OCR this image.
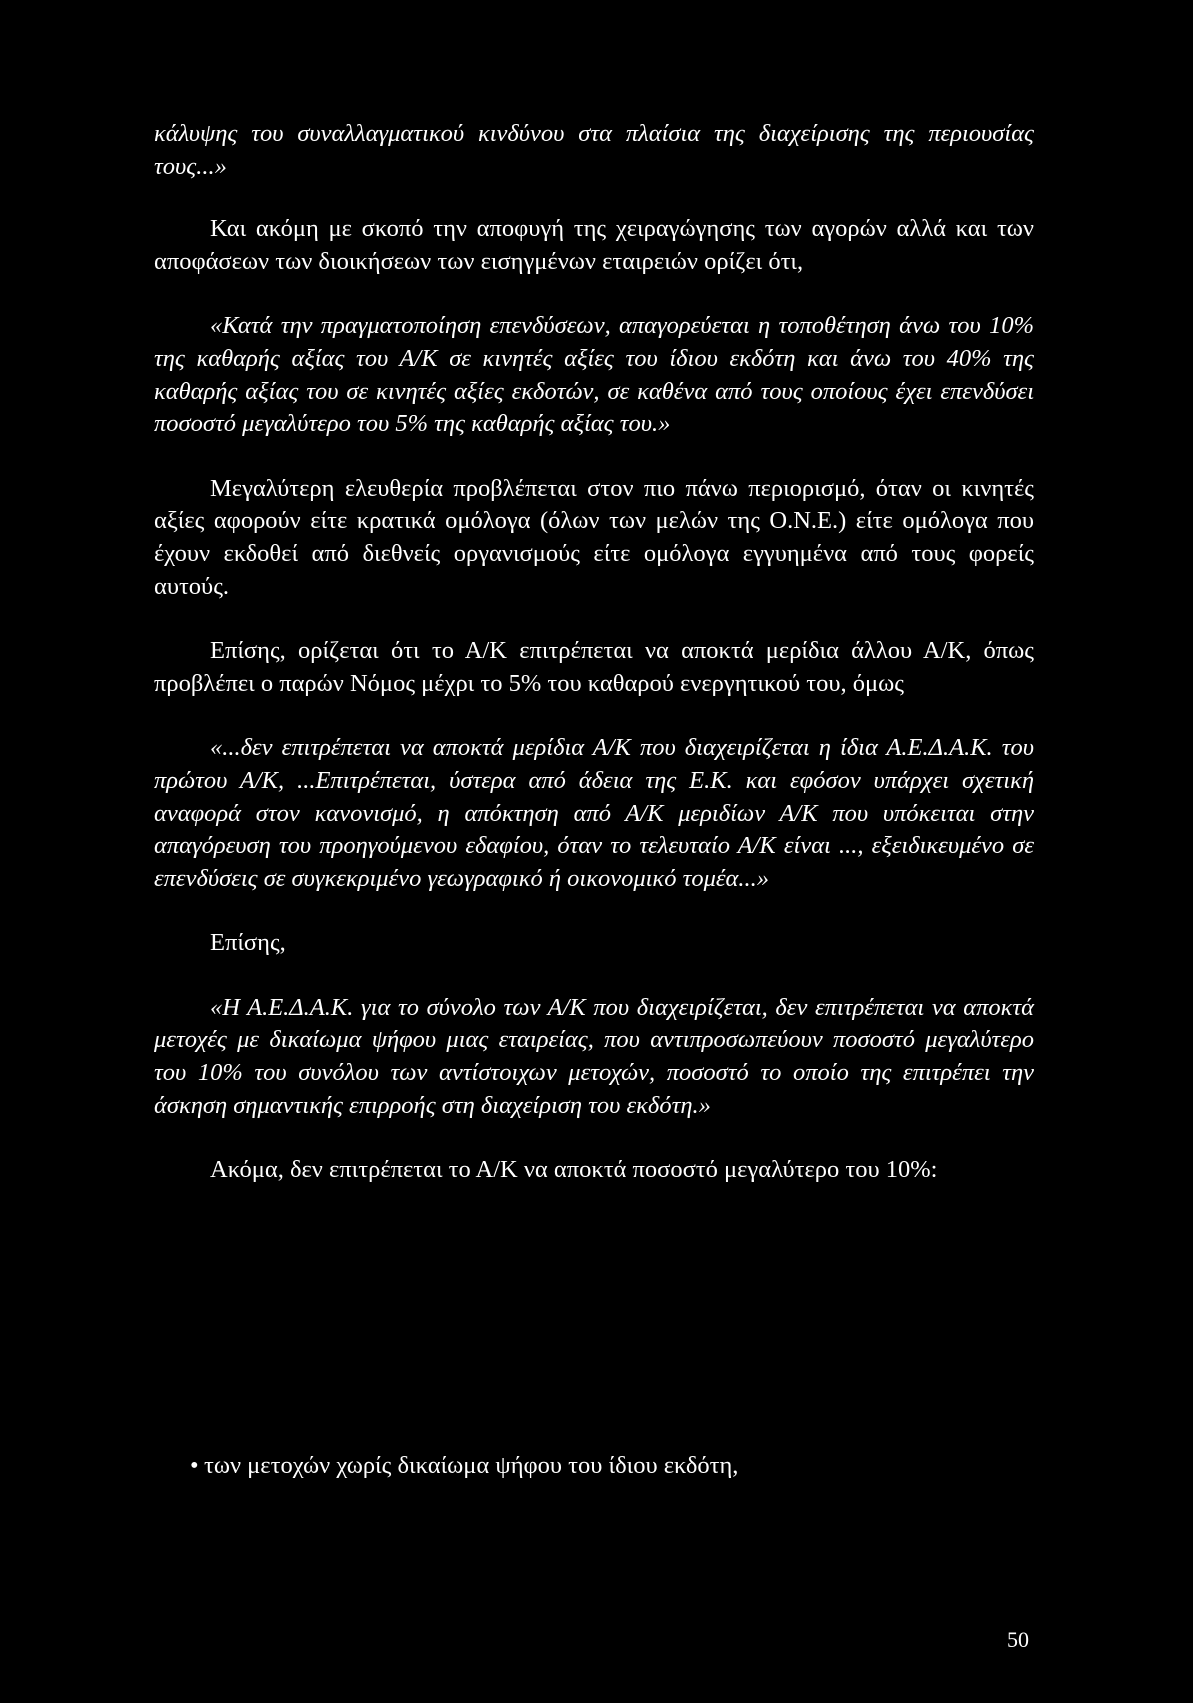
κάλυψης του συναλλαγματικού κινδύνου στα πλαίσια της διαχείρισης της περιουσίας τους...»

Και ακόμη με σκοπό την αποφυγή της χειραγώγησης των αγορών αλλά και των αποφάσεων των διοικήσεων των εισηγμένων εταιρειών ορίζει ότι,

«Κατά την πραγματοποίηση επενδύσεων, απαγορεύεται η τοποθέτηση άνω του 10% της καθαρής αξίας του Α/Κ σε κινητές αξίες του ίδιου εκδότη και άνω του 40% της καθαρής αξίας του σε κινητές αξίες εκδοτών, σε καθένα από τους οποίους έχει επενδύσει ποσοστό μεγαλύτερο του 5% της καθαρής αξίας του.»

Μεγαλύτερη ελευθερία προβλέπεται στον πιο πάνω περιορισμό, όταν οι κινητές αξίες αφορούν είτε κρατικά ομόλογα (όλων των μελών της Ο.Ν.Ε.) είτε ομόλογα που έχουν εκδοθεί από διεθνείς οργανισμούς είτε ομόλογα εγγυημένα από τους φορείς αυτούς.

Επίσης, ορίζεται ότι το Α/Κ επιτρέπεται να αποκτά μερίδια άλλου Α/Κ, όπως προβλέπει ο παρών Νόμος μέχρι το 5% του καθαρού ενεργητικού του, όμως

«...δεν επιτρέπεται να αποκτά μερίδια Α/Κ που διαχειρίζεται η ίδια Α.Ε.Δ.Α.Κ. του πρώτου Α/Κ, ...Επιτρέπεται, ύστερα από άδεια της Ε.Κ. και εφόσον υπάρχει σχετική αναφορά στον κανονισμό, η απόκτηση από Α/Κ μεριδίων Α/Κ που υπόκειται στην απαγόρευση του προηγούμενου εδαφίου, όταν το τελευταίο Α/Κ είναι ..., εξειδικευμένο σε επενδύσεις σε συγκεκριμένο γεωγραφικό ή οικονομικό τομέα...»

Επίσης,

«Η Α.Ε.Δ.Α.Κ. για το σύνολο των Α/Κ που διαχειρίζεται, δεν επιτρέπεται να αποκτά μετοχές με δικαίωμα ψήφου μιας εταιρείας, που αντιπροσωπεύουν ποσοστό μεγαλύτερο του 10% του συνόλου των αντίστοιχων μετοχών, ποσοστό το οποίο της επιτρέπει την άσκηση σημαντικής επιρροής στη διαχείριση του εκδότη.»

Ακόμα, δεν επιτρέπεται το Α/Κ να αποκτά ποσοστό μεγαλύτερο του 10%:

• των μετοχών χωρίς δικαίωμα ψήφου του ίδιου εκδότη,
50
